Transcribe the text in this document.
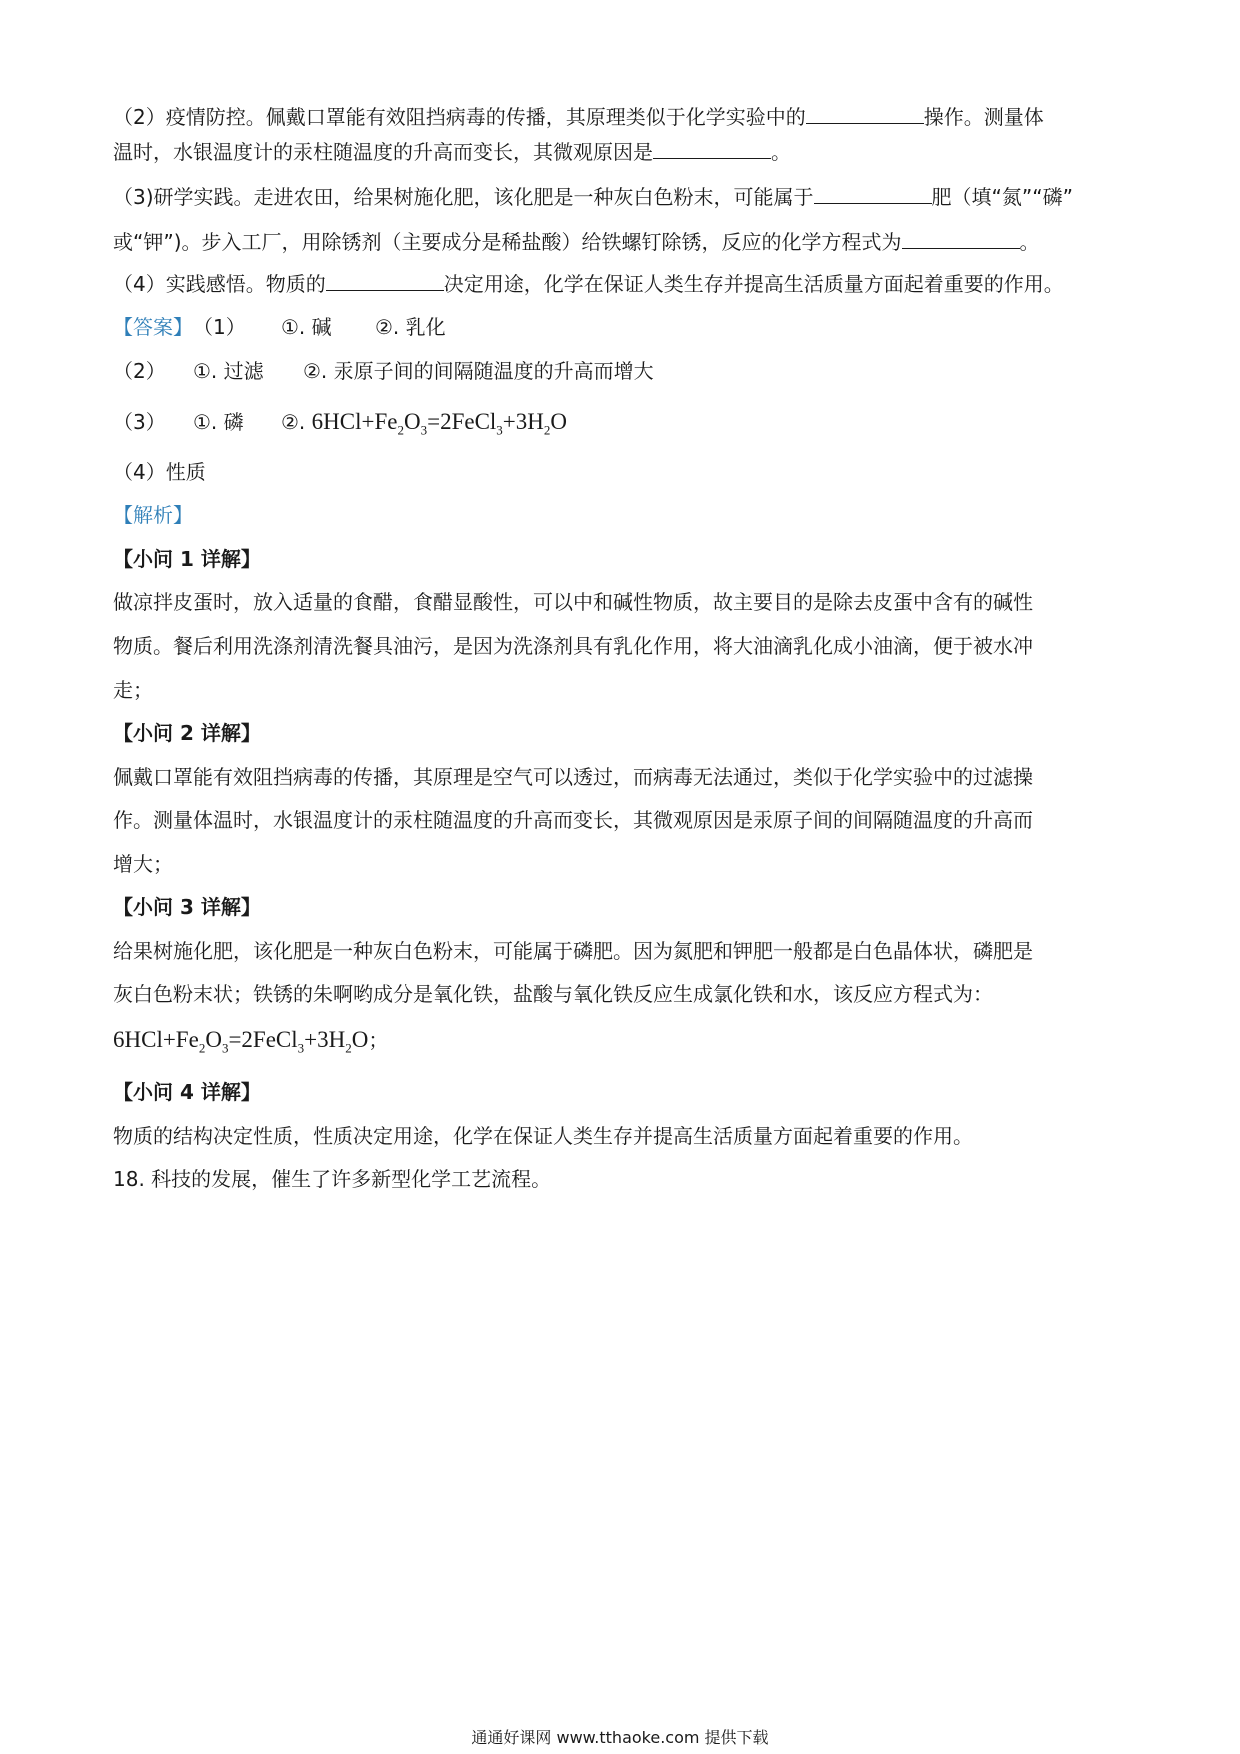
（2）疫情防控。佩戴口罩能有效阻挡病毒的传播，其原理类似于化学实验中的	操作。测量体
温时，水银温度计的汞柱随温度的升高而变长，其微观原因是	。
（3)研学实践。走进农田，给果树施化肥，该化肥是一种灰白色粉末，可能属于	肥（填“氮”“磷”
或“钾”)。步入工厂，用除锈剂（主要成分是稀盐酸）给铁螺钉除锈，反应的化学方程式为	。
（4）实践感悟。物质的	决定用途，化学在保证人类生存并提高生活质量方面起着重要的作用。
【答案】（1） ①. 碱 ②. 乳化
（2） ①. 过滤 ②. 汞原子间的间隔随温度的升高而增大
（3） ①. 磷 ②. $6HCl+Fe_2O_3=2FeCl_3+3H_2O$
（4）性质
【解析】
【小问 1 详解】
做凉拌皮蛋时，放入适量的食醋，食醋显酸性，可以中和碱性物质，故主要目的是除去皮蛋中含有的碱性
物质。餐后利用洗涤剂清洗餐具油污，是因为洗涤剂具有乳化作用，将大油滴乳化成小油滴，便于被水冲
走；
【小问 2 详解】
佩戴口罩能有效阻挡病毒的传播，其原理是空气可以透过，而病毒无法通过，类似于化学实验中的过滤操
作。测量体温时，水银温度计的汞柱随温度的升高而变长，其微观原因是汞原子间的间隔随温度的升高而
增大；
【小问 3 详解】
给果树施化肥，该化肥是一种灰白色粉末，可能属于磷肥。因为氮肥和钾肥一般都是白色晶体状，磷肥是
灰白色粉末状；铁锈的朱啊哟成分是氧化铁，盐酸与氧化铁反应生成氯化铁和水，该反应方程式为：
$6HCl+Fe_2O_3=2FeCl_3+3H_2O$；
【小问 4 详解】
物质的结构决定性质，性质决定用途，化学在保证人类生存并提高生活质量方面起着重要的作用。
18. 科技的发展，催生了许多新型化学工艺流程。
通通好课网 www.tthaoke.com 提供下载
